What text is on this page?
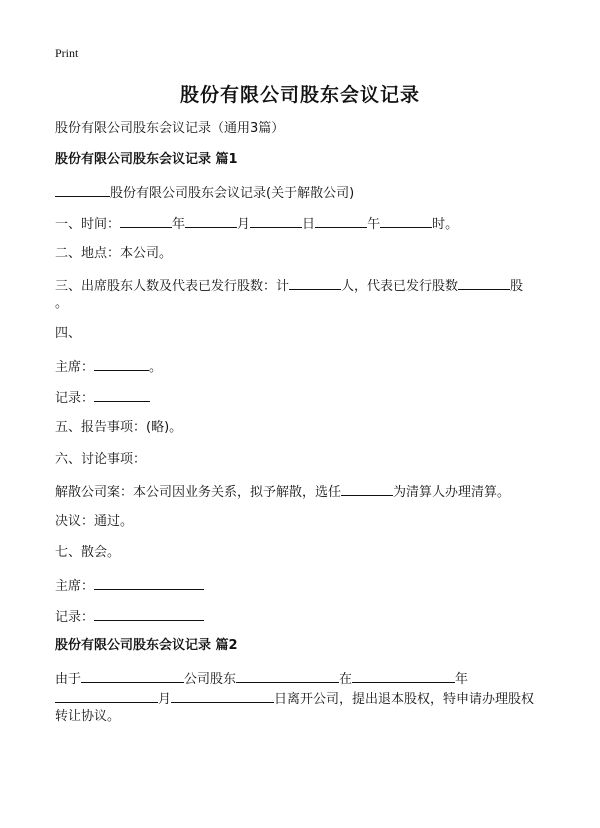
Print
股份有限公司股东会议记录
股份有限公司股东会议记录（通用3篇）
股份有限公司股东会议记录 篇1
股份有限公司股东会议记录(关于解散公司)
一、时间：	年	月	日	午	时。
二、地点：本公司。
三、出席股东人数及代表已发行股数：计	人，代表已发行股数	股
。
四、
主席：	。
记录：
五、报告事项：(略)。
六、讨论事项：
解散公司案：本公司因业务关系，拟予解散，选任	为清算人办理清算。
决议：通过。
七、散会。
主席：
记录：
股份有限公司股东会议记录 篇2
由于	公司股东	在	年
月	日离开公司，提出退本股权，特申请办理股权
转让协议。
